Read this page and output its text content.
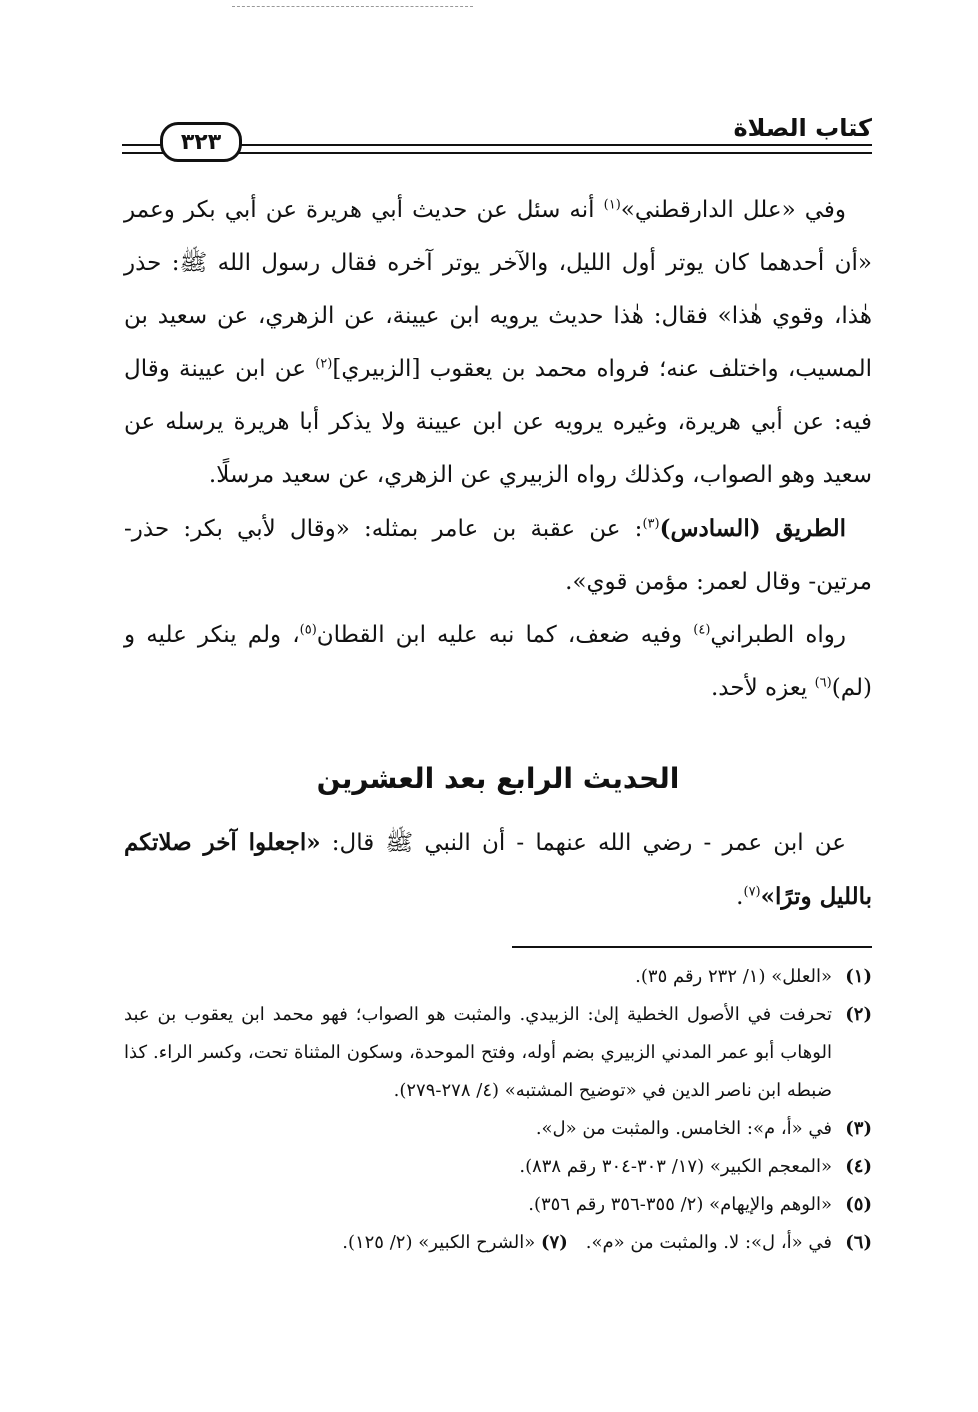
كتاب الصلاة
٣٢٣

وفي «علل الدارقطني»$^{(١)}$ أنه سئل عن حديث أبي هريرة عن أبي بكر وعمر «أن أحدهما كان يوتر أول الليل، والآخر يوتر آخره فقال رسول الله ﷺ: حذر هٰذا، وقوي هٰذا» فقال: هٰذا حديث يرويه ابن عيينة، عن الزهري، عن سعيد بن المسيب، واختلف عنه؛ فرواه محمد بن يعقوب [الزبيري]$^{(٢)}$ عن ابن عيينة وقال فيه: عن أبي هريرة، وغيره يرويه عن ابن عيينة ولا يذكر أبا هريرة يرسله عن سعيد وهو الصواب، وكذلك رواه الزبيري عن الزهري، عن سعيد مرسلًا.

الطريق (السادس)$^{(٣)}$: عن عقبة بن عامر بمثله: «وقال لأبي بكر: حذر- مرتين- وقال لعمر: مؤمن قوي».

رواه الطبراني$^{(٤)}$ وفيه ضعف، كما نبه عليه ابن القطان$^{(٥)}$، ولم ينكر عليه و (لم)$^{(٦)}$ يعزه لأحد.

الحديث الرابع بعد العشرين

عن ابن عمر - رضي الله عنهما - أن النبي ﷺ قال: «اجعلوا آخر صلاتكم بالليل وترًا»$^{(٧)}$.

(١)
«العلل» (١/ ٢٣٢ رقم ٣٥).
(٢)
تحرفت في الأصول الخطية إلىٰ: الزبيدي. والمثبت هو الصواب؛ فهو محمد ابن يعقوب بن عبد الوهاب أبو عمر المدني الزبيري بضم أوله، وفتح الموحدة، وسكون المثناة تحت، وكسر الراء. كذا ضبطه ابن ناصر الدين في «توضيح المشتبه» (٤/ ٢٧٨-٢٧٩).
(٣)
في «أ، م»: الخامس. والمثبت من «ل».
(٤)
«المعجم الكبير» (١٧/ ٣٠٣-٣٠٤ رقم ٨٣٨).
(٥)
«الوهم والإيهام» (٢/ ٣٥٥-٣٥٦ رقم ٣٥٦).
(٦)
في «أ، ل»: لا. والمثبت من «م».(٧) «الشرح الكبير» (٢/ ١٢٥).
